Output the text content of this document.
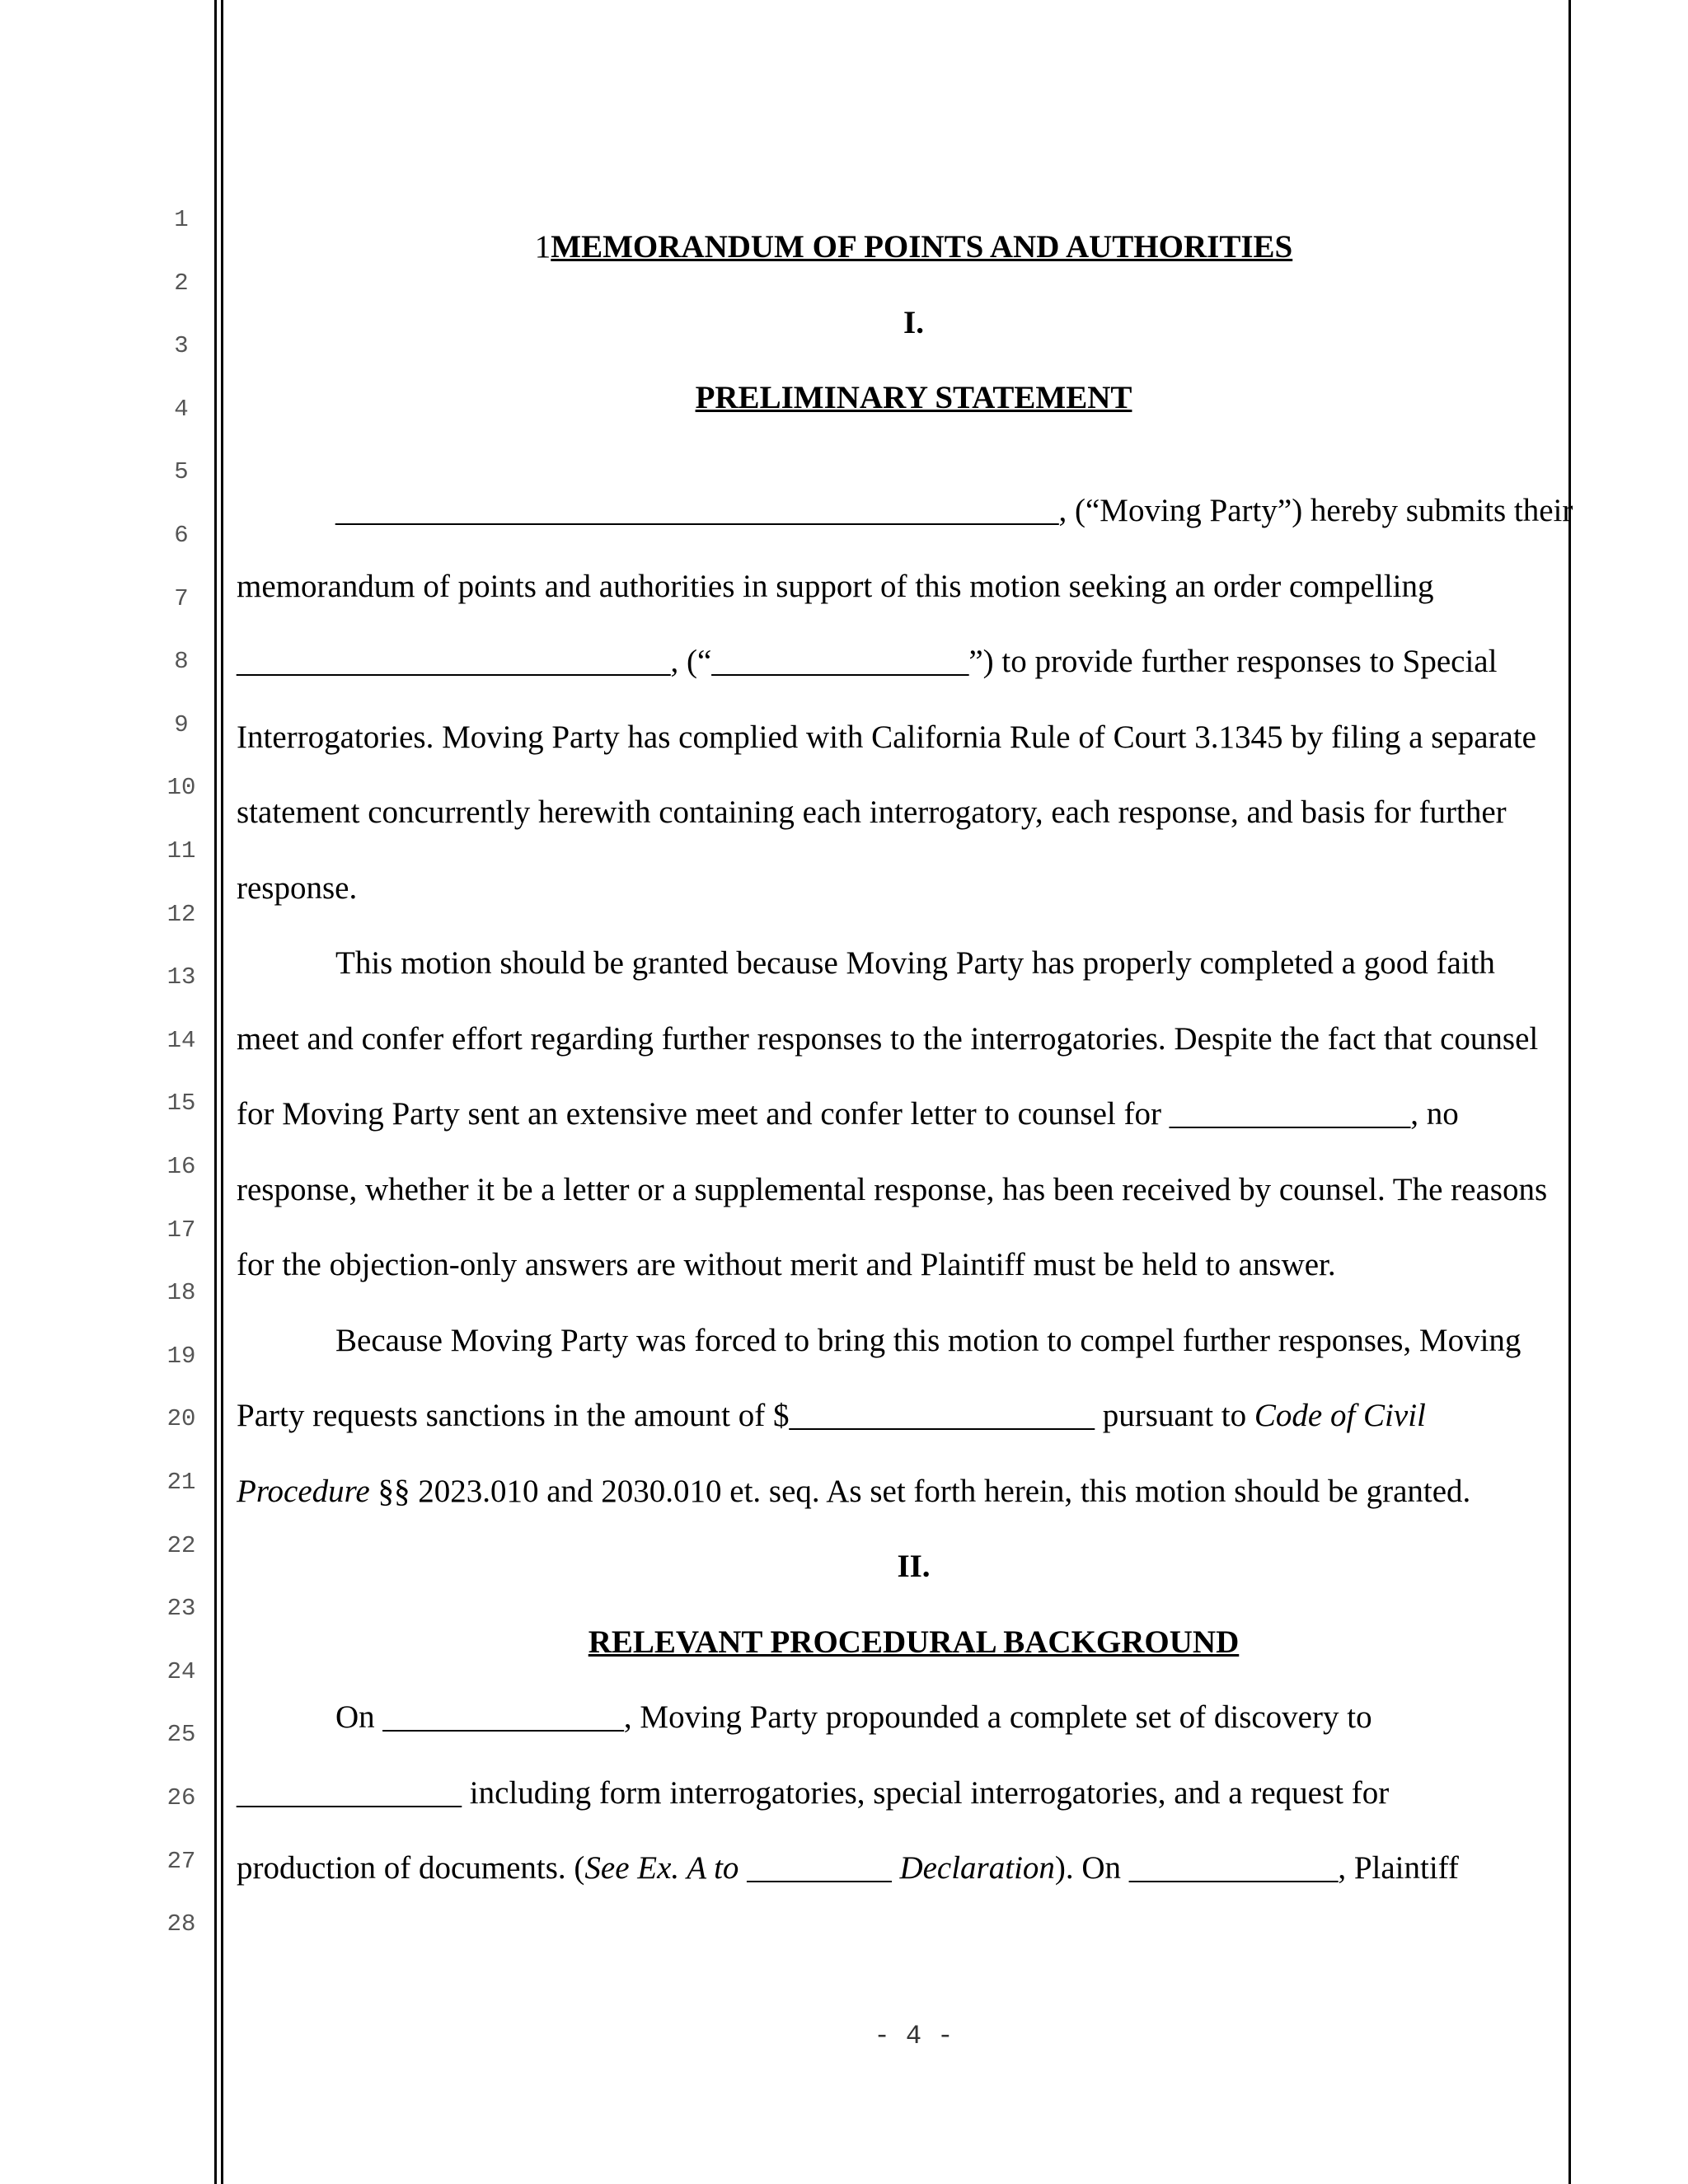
1
2
3
4
5
6
7
8
9
10
11
12
13
14
15
16
17
18
19
20
21
22
23
24
25
26
27
28
1MEMORANDUM OF POINTS AND AUTHORITIES
I.
PRELIMINARY STATEMENT
_____________________________________________, (“Moving Party”) hereby submits their
memorandum of points and authorities in support of this motion seeking an order compelling
___________________________, (“________________”) to provide further responses to Special
Interrogatories. Moving Party has complied with California Rule of Court 3.1345 by filing a separate
statement concurrently herewith containing each interrogatory, each response, and basis for further
response.
This motion should be granted because Moving Party has properly completed a good faith
meet and confer effort regarding further responses to the interrogatories. Despite the fact that counsel
for Moving Party sent an extensive meet and confer letter to counsel for _______________, no
response, whether it be a letter or a supplemental response, has been received by counsel. The reasons
for the objection-only answers are without merit and Plaintiff must be held to answer.
Because Moving Party was forced to bring this motion to compel further responses, Moving
Party requests sanctions in the amount of $___________________ pursuant to Code of Civil
Procedure §§ 2023.010 and 2030.010 et. seq. As set forth herein, this motion should be granted.
II.
RELEVANT PROCEDURAL BACKGROUND
On _______________, Moving Party propounded a complete set of discovery to
______________ including form interrogatories, special interrogatories, and a request for
production of documents. (See Ex. A to _________ Declaration). On _____________, Plaintiff
- 4 -
